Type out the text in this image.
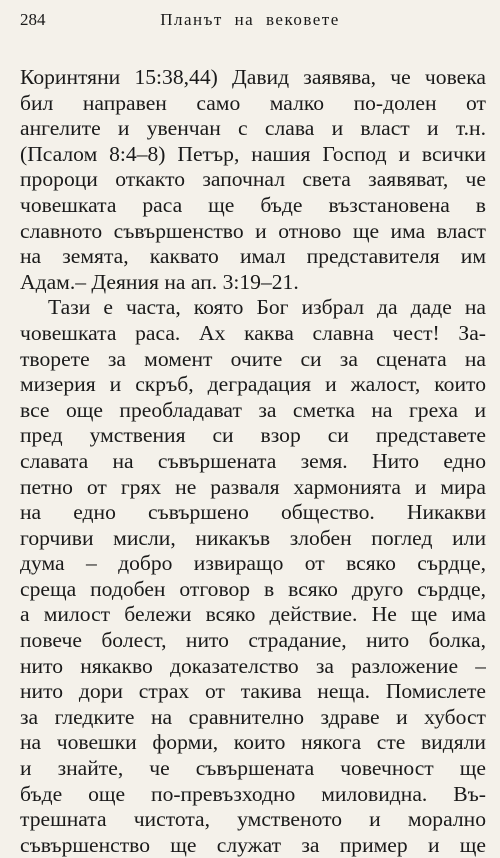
284	Планът на вековете
Коринтяни 15:38,44) Давид заявява, че човека
бил направен само малко по-долен от
ангелите и увенчан с слава и власт и т.н.
(Псалом 8:4–8) Петър, нашия Господ и всички
пророци откакто започнал света заявяват, че
човешката раса ще бъде възстановена в
славното съвършенство и отново ще има власт
на земята, каквато имал представителя им
Адам.– Деяния на ап. 3:19–21.
Тази е часта, която Бог избрал да даде на
човешката раса. Ах каква славна чест! За-
творете за момент очите си за сцената на
мизерия и скръб, деградация и жалост, които
все още преобладават за сметка на греха и
пред умствения си взор си представете
славата на съвършената земя. Нито едно
петно от грях не разваля хармонията и мира
на едно съвършено общество. Никакви
горчиви мисли, никакъв злобен поглед или
дума – добро извиращо от всяко сърдце,
среща подобен отговор в всяко друго сърдце,
а милост бележи всяко действие. Не ще има
повече болест, нито страдание, нито болка,
нито някакво доказателство за разложение –
нито дори страх от такива неща. Помислете
за гледките на сравнително здраве и хубост
на човешки форми, които някога сте видяли
и знайте, че съвършената човечност ще
бъде още по-превъзходно миловидна. Въ-
трешната чистота, умственото и морално
съвършенство ще служат за пример и ще
